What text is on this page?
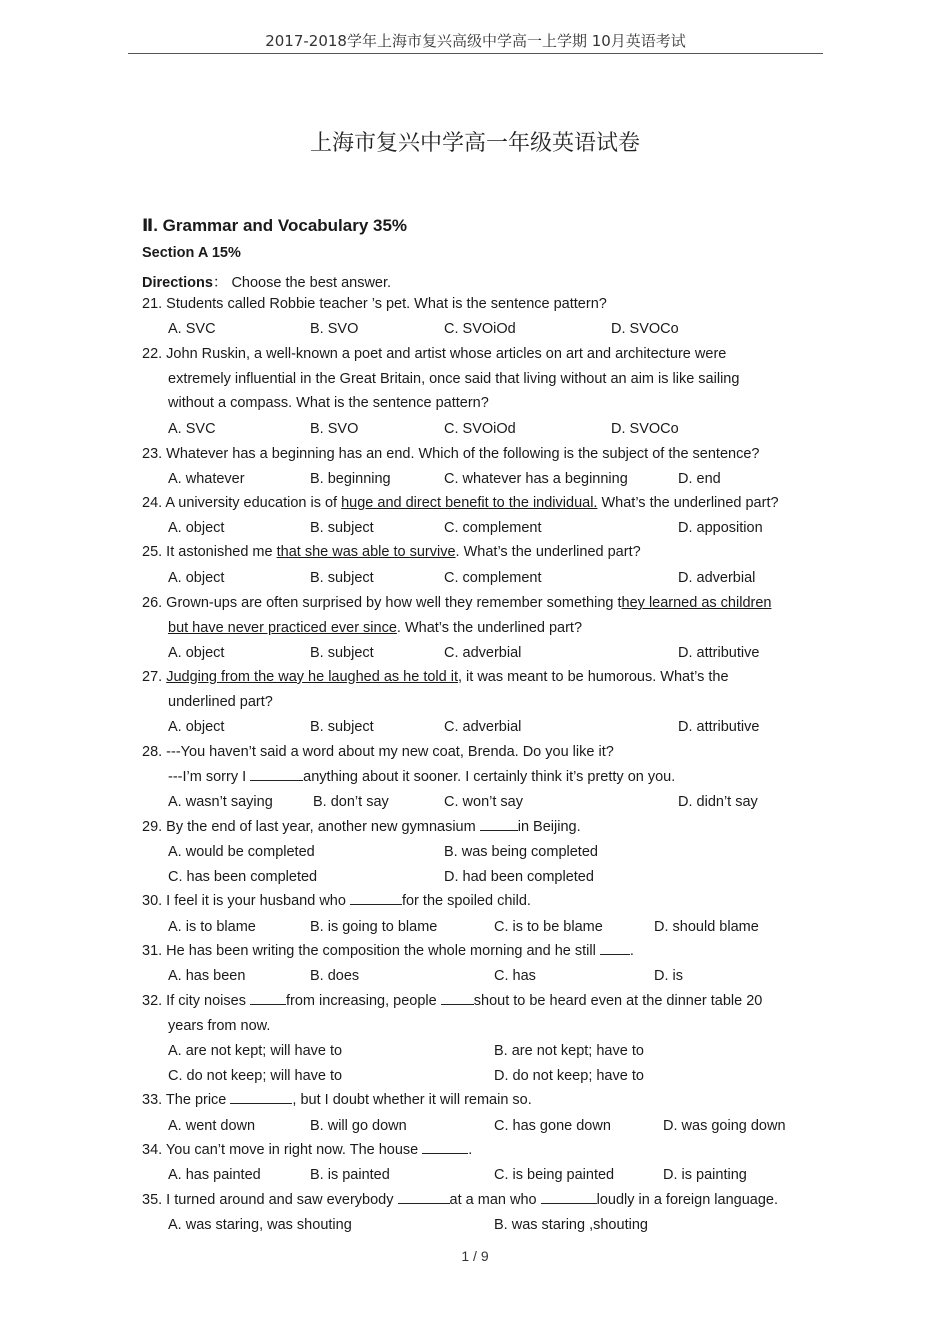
2017-2018学年上海市复兴高级中学高一上学期 10月英语考试
上海市复兴中学高一年级英语试卷
Ⅱ. Grammar and Vocabulary 35%
Section A 15%
Directions： Choose the best answer.
21. Students called Robbie teacher ’s pet. What is the sentence pattern?
A. SVC	B. SVO	C. SVOiOd	D. SVOCo
22. John Ruskin, a well-known a poet and artist whose articles on art and architecture were
extremely influential in the Great Britain, once said that living without an aim is like sailing
without a compass. What is the sentence pattern?
A. SVC	B. SVO	C. SVOiOd	D. SVOCo
23. Whatever has a beginning has an end. Which of the following is the subject of the sentence?
A. whatever	B. beginning	C. whatever has a beginning	D. end
24. A university education is of huge and direct benefit to the individual. What’s the underlined part?
A. object	B. subject	C. complement	D. apposition
25. It astonished me that she was able to survive. What’s the underlined part?
A. object	B. subject	C. complement	D. adverbial
26. Grown-ups are often surprised by how well they remember something they learned as children
but have never practiced ever since. What’s the underlined part?
A. object	B. subject	C. adverbial	D. attributive
27. Judging from the way he laughed as he told it, it was meant to be humorous. What’s the
underlined part?
A. object	B. subject	C. adverbial	D. attributive
28. ---You haven’t said a word about my new coat, Brenda. Do you like it?
---I’m sorry I	anything about it sooner. I certainly think it’s pretty on you.
A. wasn’t saying	B. don’t say	C. won’t say	D. didn’t say
29. By the end of last year, another new gymnasium	in Beijing.
A. would be completed	B. was being completed
C. has been completed	D. had been completed
30. I feel it is your husband who	for the spoiled child.
A. is to blame	B. is going to blame	C. is to be blame	D. should blame
31. He has been writing the composition the whole morning and he still .
A. has been	B. does	C. has	D. is
32. If city noises from increasing, people shout to be heard even at the dinner table 20
years from now.
A. are not kept; will have to	B. are not kept; have to
C. do not keep; will have to	D. do not keep; have to
33. The price	, but I doubt whether it will remain so.
A. went down	B. will go down	C. has gone down	D. was going down
34. You can’t move in right now. The house	.
A. has painted	B. is painted	C. is being painted	D. is painting
35. I turned around and saw everybody	at a man who	loudly in a foreign language.
A. was staring, was shouting	B. was staring ,shouting
1 / 9
